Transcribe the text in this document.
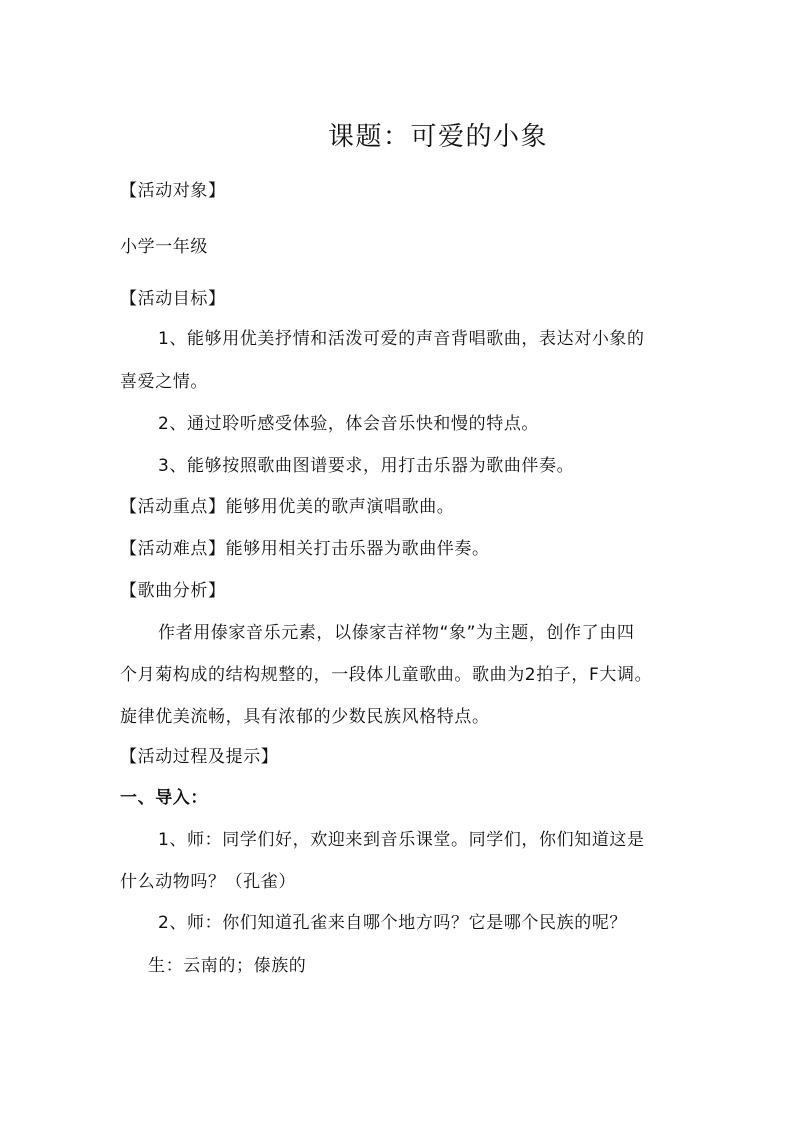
课题：可爱的小象
【活动对象】
小学一年级
【活动目标】
1、能够用优美抒情和活泼可爱的声音背唱歌曲，表达对小象的
喜爱之情。
2、通过聆听感受体验，体会音乐快和慢的特点。
3、能够按照歌曲图谱要求，用打击乐器为歌曲伴奏。
【活动重点】能够用优美的歌声演唱歌曲。
【活动难点】能够用相关打击乐器为歌曲伴奏。
【歌曲分析】
作者用傣家音乐元素，以傣家吉祥物“象”为主题，创作了由四
个月菊构成的结构规整的，一段体儿童歌曲。歌曲为2拍子，F大调。
旋律优美流畅，具有浓郁的少数民族风格特点。
【活动过程及提示】
一、导入：
1、师：同学们好，欢迎来到音乐课堂。同学们，你们知道这是
什么动物吗？（孔雀）
2、师：你们知道孔雀来自哪个地方吗？它是哪个民族的呢？
生：云南的；傣族的
